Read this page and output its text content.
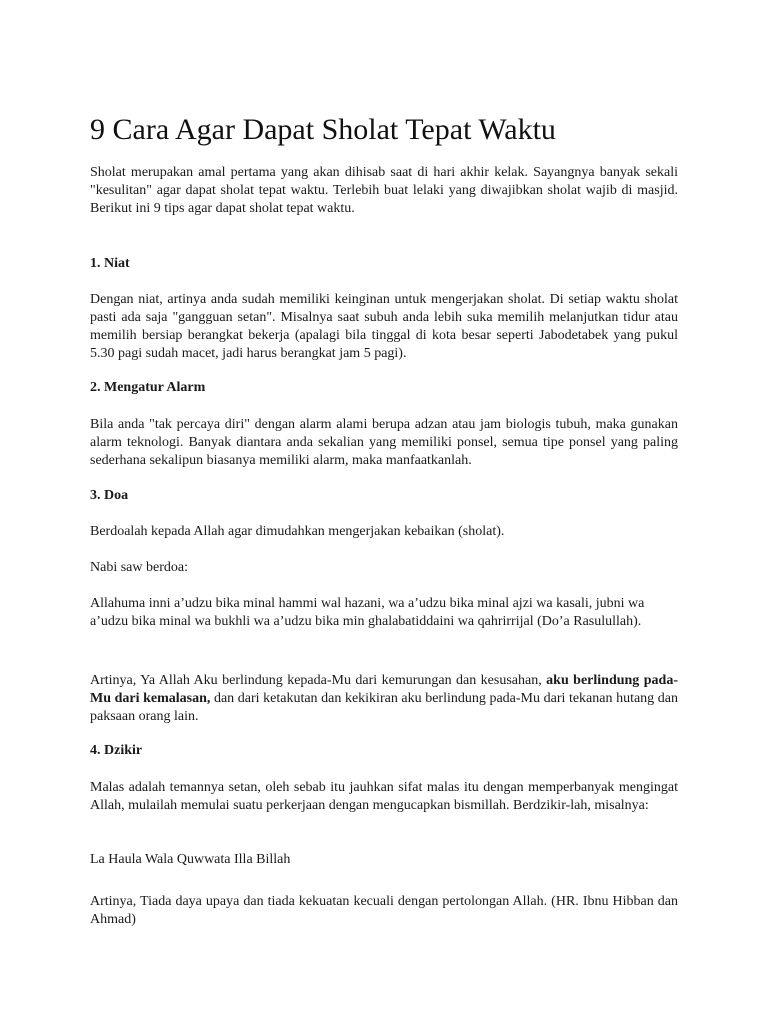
9 Cara Agar Dapat Sholat Tepat Waktu

Sholat merupakan amal pertama yang akan dihisab saat di hari akhir kelak. Sayangnya banyak sekali "kesulitan" agar dapat sholat tepat waktu. Terlebih buat lelaki yang diwajibkan sholat wajib di masjid. Berikut ini 9 tips agar dapat sholat tepat waktu.

1. Niat

Dengan niat, artinya anda sudah memiliki keinginan untuk mengerjakan sholat. Di setiap waktu sholat pasti ada saja "gangguan setan". Misalnya saat subuh anda lebih suka memilih melanjutkan tidur atau memilih bersiap berangkat bekerja (apalagi bila tinggal di kota besar seperti Jabodetabek yang pukul 5.30 pagi sudah macet, jadi harus berangkat jam 5 pagi).

2. Mengatur Alarm

Bila anda "tak percaya diri" dengan alarm alami berupa adzan atau jam biologis tubuh, maka gunakan alarm teknologi. Banyak diantara anda sekalian yang memiliki ponsel, semua tipe ponsel yang paling sederhana sekalipun biasanya memiliki alarm, maka manfaatkanlah.

3. Doa

Berdoalah kepada Allah agar dimudahkan mengerjakan kebaikan (sholat).

Nabi saw berdoa:

Allahuma inni a’udzu bika minal hammi wal hazani, wa a’udzu bika minal ajzi wa kasali, jubni wa a’udzu bika minal wa bukhli wa a’udzu bika min ghalabatiddaini wa qahrirrijal (Do’a Rasulullah).

Artinya, Ya Allah Aku berlindung kepada-Mu dari kemurungan dan kesusahan, aku berlindung pada-Mu dari kemalasan, dan dari ketakutan dan kekikiran aku berlindung pada-Mu dari tekanan hutang dan paksaan orang lain.

4. Dzikir

Malas adalah temannya setan, oleh sebab itu jauhkan sifat malas itu dengan memperbanyak mengingat Allah, mulailah memulai suatu perkerjaan dengan mengucapkan bismillah. Berdzikir-lah, misalnya:

La Haula Wala Quwwata Illa Billah

Artinya, Tiada daya upaya dan tiada kekuatan kecuali dengan pertolongan Allah. (HR. Ibnu Hibban dan Ahmad)
